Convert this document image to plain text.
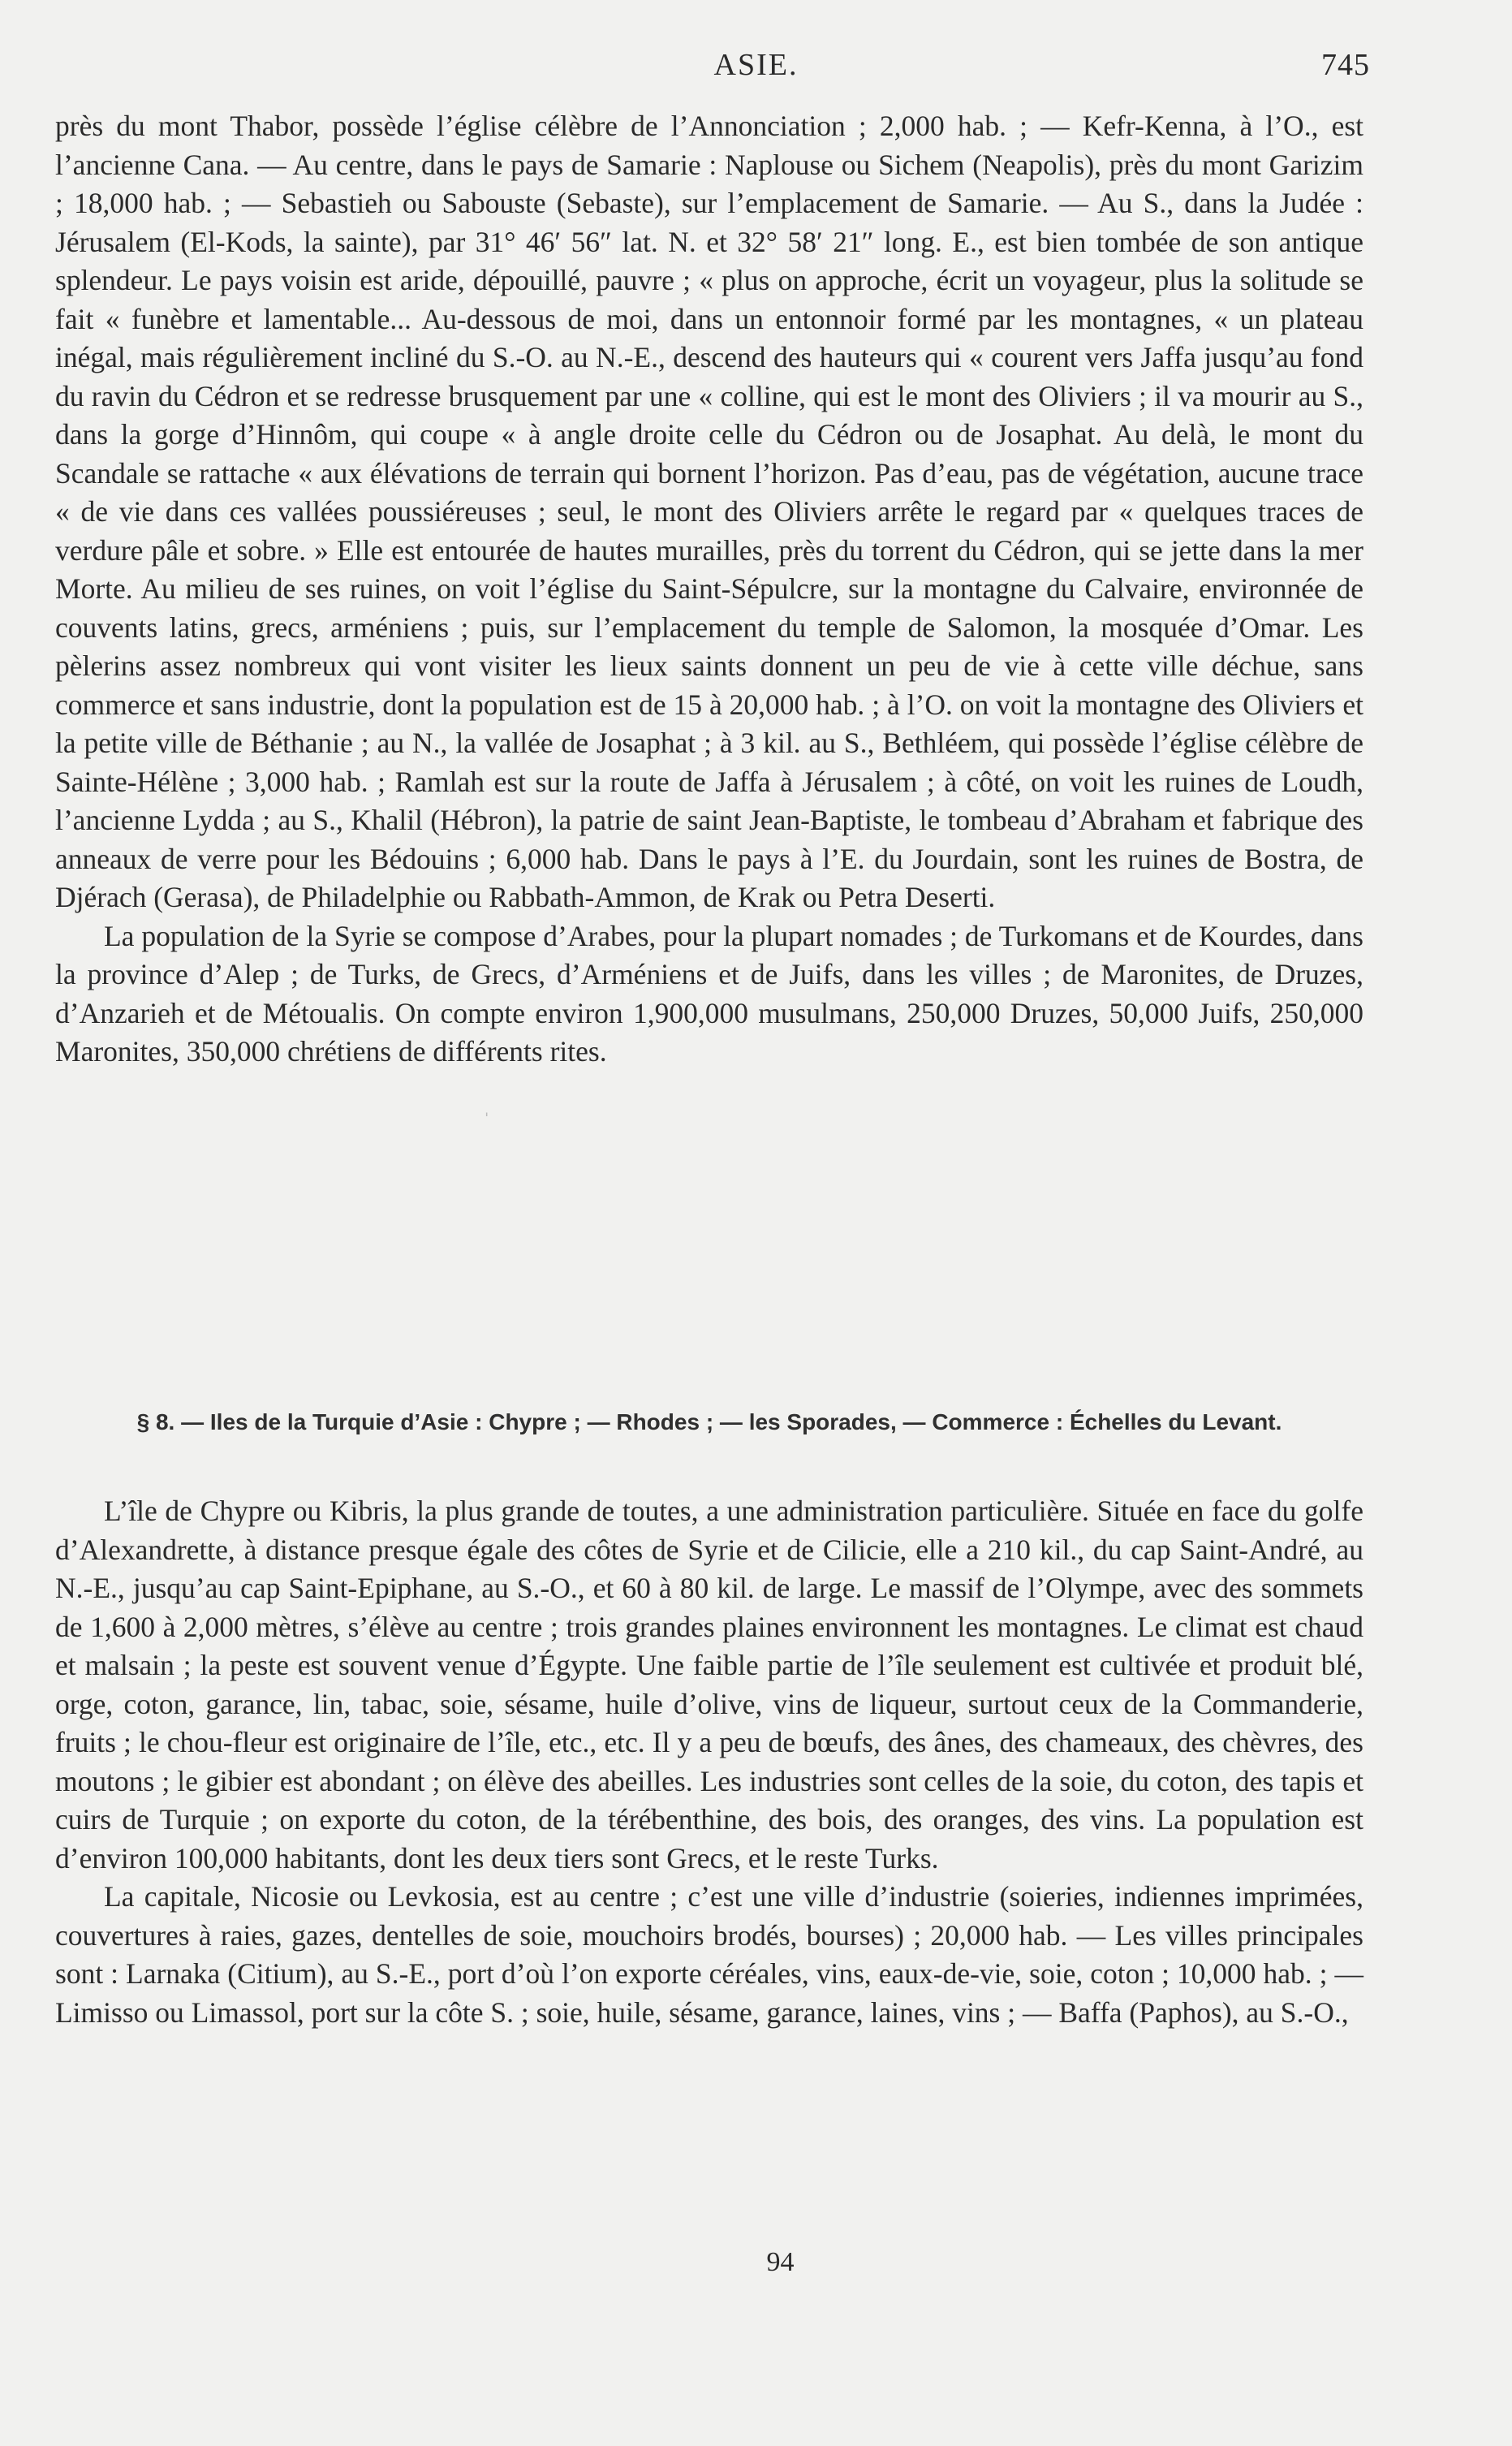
ASIE.	745

près du mont Thabor, possède l’église célèbre de l’Annonciation ; 2,000 hab. ; — Kefr-Kenna, à l’O., est l’ancienne Cana. — Au centre, dans le pays de Samarie : Naplouse ou Sichem (Neapolis), près du mont Garizim ; 18,000 hab. ; — Sebastieh ou Sabouste (Sebaste), sur l’emplacement de Samarie. — Au S., dans la Judée : Jérusalem (El-Kods, la sainte), par 31° 46′ 56″ lat. N. et 32° 58′ 21″ long. E., est bien tombée de son antique splendeur. Le pays voisin est aride, dépouillé, pauvre ; « plus on approche, écrit un voyageur, plus la solitude se fait « funèbre et lamentable... Au-dessous de moi, dans un entonnoir formé par les montagnes, « un plateau inégal, mais régulièrement incliné du S.-O. au N.-E., descend des hauteurs qui « courent vers Jaffa jusqu’au fond du ravin du Cédron et se redresse brusquement par une « colline, qui est le mont des Oliviers ; il va mourir au S., dans la gorge d’Hinnôm, qui coupe « à angle droite celle du Cédron ou de Josaphat. Au delà, le mont du Scandale se rattache « aux élévations de terrain qui bornent l’horizon. Pas d’eau, pas de végétation, aucune trace « de vie dans ces vallées poussiéreuses ; seul, le mont des Oliviers arrête le regard par « quelques traces de verdure pâle et sobre. » Elle est entourée de hautes murailles, près du torrent du Cédron, qui se jette dans la mer Morte. Au milieu de ses ruines, on voit l’église du Saint-Sépulcre, sur la montagne du Calvaire, environnée de couvents latins, grecs, arméniens ; puis, sur l’emplacement du temple de Salomon, la mosquée d’Omar. Les pèlerins assez nombreux qui vont visiter les lieux saints donnent un peu de vie à cette ville déchue, sans commerce et sans industrie, dont la population est de 15 à 20,000 hab. ; à l’O. on voit la montagne des Oliviers et la petite ville de Béthanie ; au N., la vallée de Josaphat ; à 3 kil. au S., Bethléem, qui possède l’église célèbre de Sainte-Hélène ; 3,000 hab. ; Ramlah est sur la route de Jaffa à Jérusalem ; à côté, on voit les ruines de Loudh, l’ancienne Lydda ; au S., Khalil (Hébron), la patrie de saint Jean-Baptiste, le tombeau d’Abraham et fabrique des anneaux de verre pour les Bédouins ; 6,000 hab. Dans le pays à l’E. du Jourdain, sont les ruines de Bostra, de Djérach (Gerasa), de Philadelphie ou Rabbath-Ammon, de Krak ou Petra Deserti.

La population de la Syrie se compose d’Arabes, pour la plupart nomades ; de Turkomans et de Kourdes, dans la province d’Alep ; de Turks, de Grecs, d’Arméniens et de Juifs, dans les villes ; de Maronites, de Druzes, d’Anzarieh et de Métoualis. On compte environ 1,900,000 musulmans, 250,000 Druzes, 50,000 Juifs, 250,000 Maronites, 350,000 chrétiens de différents rites.

ˌ
§ 8. — Iles de la Turquie d’Asie : Chypre ; — Rhodes ; — les Sporades, — Commerce : Échelles du Levant.

L’île de Chypre ou Kibris, la plus grande de toutes, a une administration particulière. Située en face du golfe d’Alexandrette, à distance presque égale des côtes de Syrie et de Cilicie, elle a 210 kil., du cap Saint-André, au N.-E., jusqu’au cap Saint-Epiphane, au S.-O., et 60 à 80 kil. de large. Le massif de l’Olympe, avec des sommets de 1,600 à 2,000 mètres, s’élève au centre ; trois grandes plaines environnent les montagnes. Le climat est chaud et malsain ; la peste est souvent venue d’Égypte. Une faible partie de l’île seulement est cultivée et produit blé, orge, coton, garance, lin, tabac, soie, sésame, huile d’olive, vins de liqueur, surtout ceux de la Commanderie, fruits ; le chou-fleur est originaire de l’île, etc., etc. Il y a peu de bœufs, des ânes, des chameaux, des chèvres, des moutons ; le gibier est abondant ; on élève des abeilles. Les industries sont celles de la soie, du coton, des tapis et cuirs de Turquie ; on exporte du coton, de la térébenthine, des bois, des oranges, des vins. La population est d’environ 100,000 habitants, dont les deux tiers sont Grecs, et le reste Turks.

La capitale, Nicosie ou Levkosia, est au centre ; c’est une ville d’industrie (soieries, indiennes imprimées, couvertures à raies, gazes, dentelles de soie, mouchoirs brodés, bourses) ; 20,000 hab. — Les villes principales sont : Larnaka (Citium), au S.-E., port d’où l’on exporte céréales, vins, eaux-de-vie, soie, coton ; 10,000 hab. ; — Limisso ou Limassol, port sur la côte S. ; soie, huile, sésame, garance, laines, vins ; — Baffa (Paphos), au S.-O.,

94
